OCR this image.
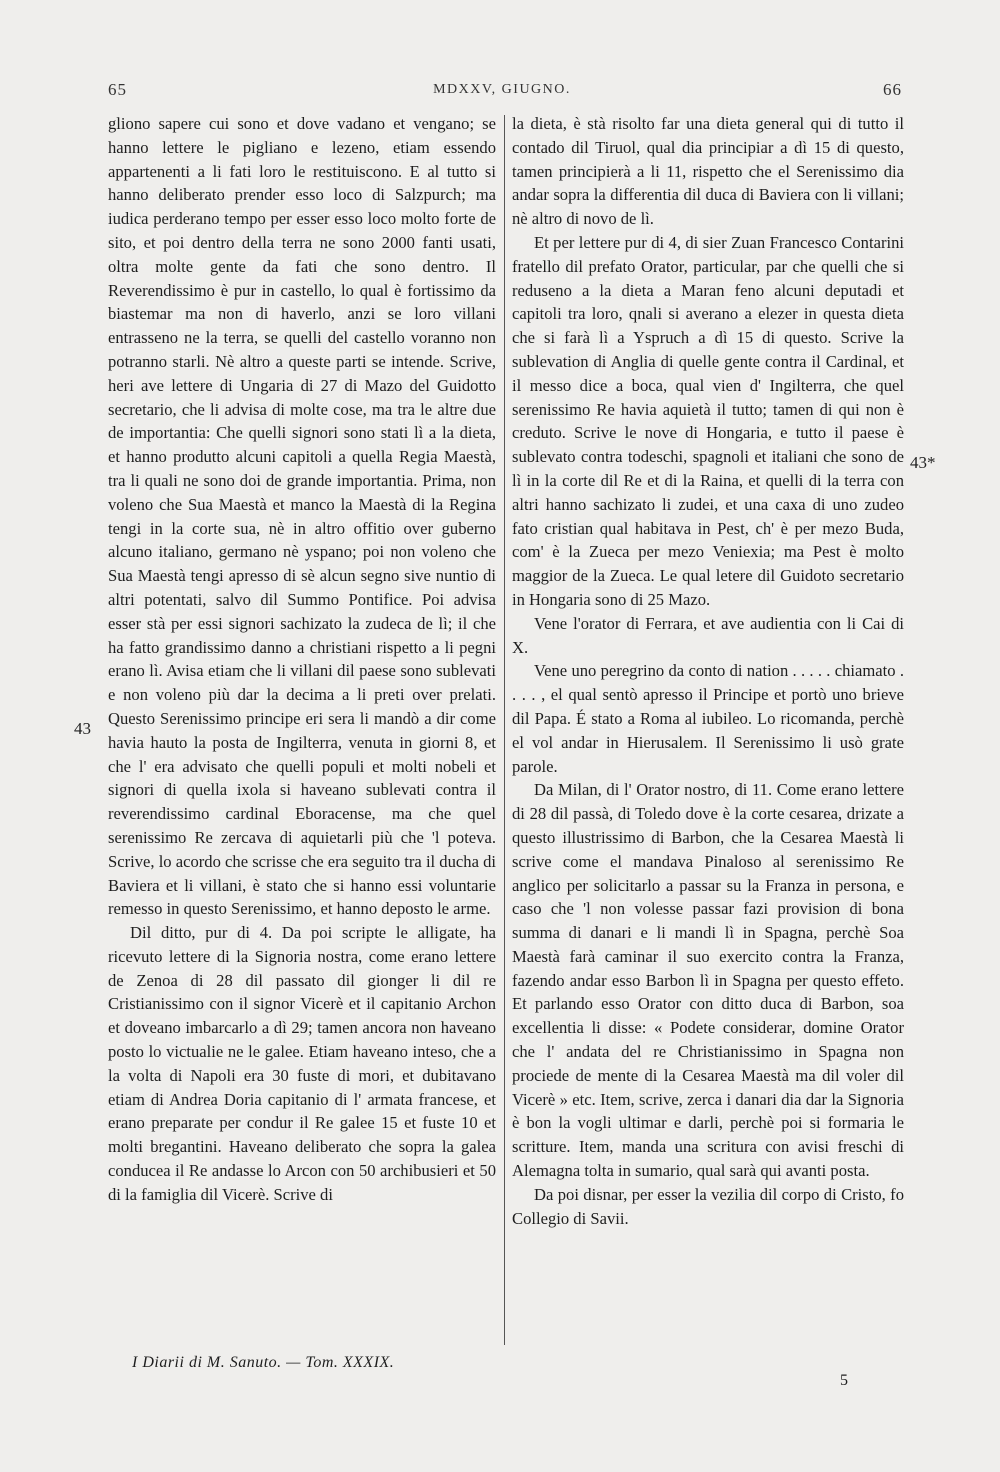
65	MDXXV, GIUGNO.	66

gliono sapere cui sono et dove vadano et vengano; se hanno lettere le pigliano e lezeno, etiam essendo appartenenti a li fati loro le restituiscono. E al tutto si hanno deliberato prender esso loco di Salzpurch; ma iudica perderano tempo per esser esso loco molto forte de sito, et poi dentro della terra ne sono 2000 fanti usati, oltra molte gente da fati che sono dentro. Il Reverendissimo è pur in castello, lo qual è fortissimo da biastemar ma non di haverlo, anzi se loro villani entrasseno ne la terra, se quelli del castello voranno non potranno starli. Nè altro a queste parti se intende. Scrive, heri ave lettere di Ungaria di 27 di Mazo del Guidotto secretario, che li advisa di molte cose, ma tra le altre due de importantia: Che quelli signori sono stati lì a la dieta, et hanno produtto alcuni capitoli a quella Regia Maestà, tra li quali ne sono doi de grande importantia. Prima, non voleno che Sua Maestà et manco la Maestà di la Regina tengi in la corte sua, nè in altro offitio over guberno alcuno italiano, germano nè yspano; poi non voleno che Sua Maestà tengi apresso di sè alcun segno sive nuntio di altri potentati, salvo dil Summo Pontifice. Poi advisa esser stà per essi signori sachizato la zudeca de lì; il che ha fatto grandissimo danno a christiani rispetto a li pegni erano lì. Avisa etiam che li villani dil paese sono sublevati e non voleno più dar la decima a li preti over prelati. Questo Serenissimo principe eri sera li mandò a dir come havia hauto la posta de Ingilterra, venuta in giorni 8, et che l' era advisato che quelli populi et molti nobeli et signori di quella ixola si haveano sublevati contra il reverendissimo cardinal Eboracense, ma che quel serenissimo Re zercava di aquietarli più che 'l poteva. Scrive, lo acordo che scrisse che era seguito tra il ducha di Baviera et li villani, è stato che si hanno essi voluntarie remesso in questo Serenissimo, et hanno deposto le arme.

Dil ditto, pur di 4. Da poi scripte le alligate, ha ricevuto lettere di la Signoria nostra, come erano lettere de Zenoa di 28 dil passato dil gionger li dil re Cristianissimo con il signor Vicerè et il capitanio Archon et doveano imbarcarlo a dì 29; tamen ancora non haveano posto lo victualie ne le galee. Etiam haveano inteso, che a la volta di Napoli era 30 fuste di mori, et dubitavano etiam di Andrea Doria capitanio di l' armata francese, et erano preparate per condur il Re galee 15 et fuste 10 et molti bregantini. Haveano deliberato che sopra la galea conducea il Re andasse lo Arcon con 50 archibusieri et 50 di la famiglia dil Vicerè. Scrive di

la dieta, è stà risolto far una dieta general qui di tutto il contado dil Tiruol, qual dia principiar a dì 15 di questo, tamen principierà a li 11, rispetto che el Serenissimo dia andar sopra la differentia dil duca di Baviera con li villani; nè altro di novo de lì.

Et per lettere pur di 4, di sier Zuan Francesco Contarini fratello dil prefato Orator, particular, par che quelli che si reduseno a la dieta a Maran feno alcuni deputadi et capitoli tra loro, qnali si averano a elezer in questa dieta che si farà lì a Yspruch a dì 15 di questo. Scrive la sublevation di Anglia di quelle gente contra il Cardinal, et il messo dice a boca, qual vien d' Ingilterra, che quel serenissimo Re havia aquietà il tutto; tamen di qui non è creduto. Scrive le nove di Hongaria, e tutto il paese è sublevato contra todeschi, spagnoli et italiani che sono de lì in la corte dil Re et di la Raina, et quelli di la terra con altri hanno sachizato li zudei, et una caxa di uno zudeo fato cristian qual habitava in Pest, ch' è per mezo Buda, com' è la Zueca per mezo Veniexia; ma Pest è molto maggior de la Zueca. Le qual letere dil Guidoto secretario in Hongaria sono di 25 Mazo.

Vene l'orator di Ferrara, et ave audientia con li Cai di X.

Vene uno peregrino da conto di nation . . . . . chiamato . . . . , el qual sentò apresso il Principe et portò uno brieve dil Papa. É stato a Roma al iubileo. Lo ricomanda, perchè el vol andar in Hierusalem. Il Serenissimo li usò grate parole.

Da Milan, di l' Orator nostro, di 11. Come erano lettere di 28 dil passà, di Toledo dove è la corte cesarea, drizate a questo illustrissimo di Barbon, che la Cesarea Maestà li scrive come el mandava Pinaloso al serenissimo Re anglico per solicitarlo a passar su la Franza in persona, e caso che 'l non volesse passar fazi provision di bona summa di danari e li mandi lì in Spagna, perchè Soa Maestà farà caminar il suo exercito contra la Franza, fazendo andar esso Barbon lì in Spagna per questo effeto. Et parlando esso Orator con ditto duca di Barbon, soa excellentia li disse: « Podete considerar, domine Orator che l' andata del re Christianissimo in Spagna non prociede de mente di la Cesarea Maestà ma dil voler dil Vicerè » etc. Item, scrive, zerca i danari dia dar la Signoria è bon la vogli ultimar e darli, perchè poi si formaria le scritture. Item, manda una scritura con avisi freschi di Alemagna tolta in sumario, qual sarà qui avanti posta.

Da poi disnar, per esser la vezilia dil corpo di Cristo, fo Collegio di Savii.

43
43*
I Diarii di M. Sanuto. — Tom. XXXIX.
5
